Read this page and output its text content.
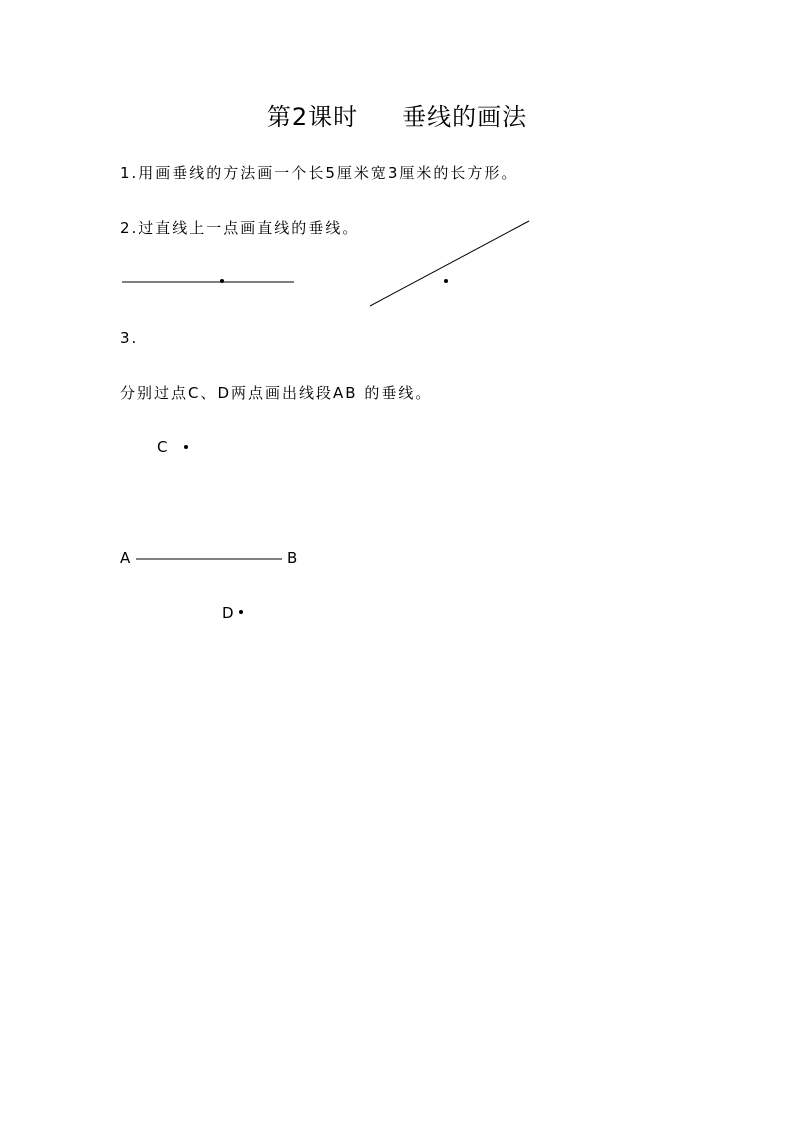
第2课时 垂线的画法
1.用画垂线的方法画一个长5厘米宽3厘米的长方形。
2.过直线上一点画直线的垂线。
3.
分别过点C、D两点画出线段AB 的垂线。
C
A	B
D
